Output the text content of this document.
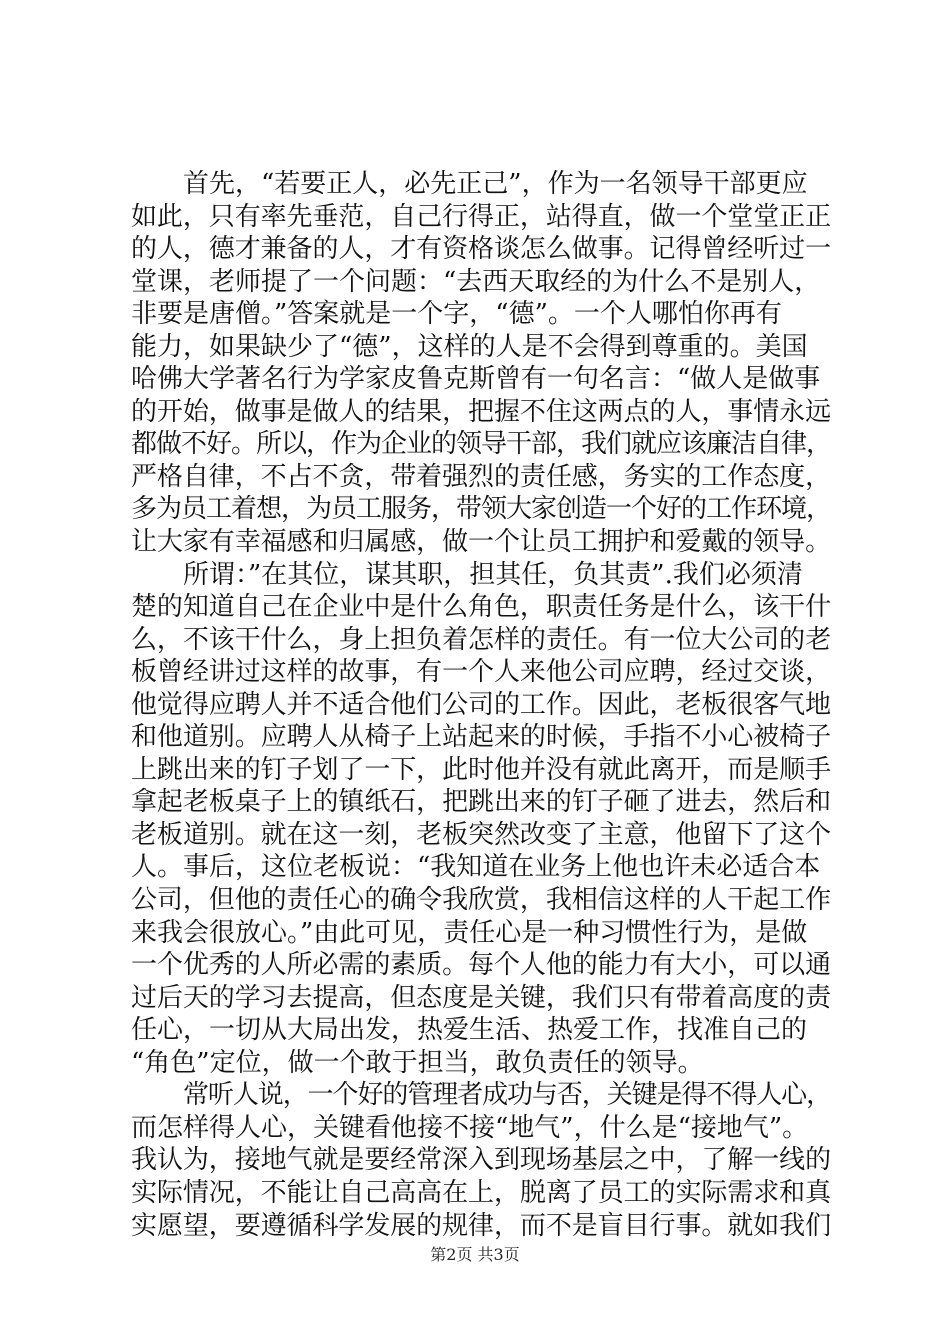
首先，“若要正人，必先正己”，作为一名领导干部更应
如此，只有率先垂范，自己行得正，站得直，做一个堂堂正正
的人，德才兼备的人，才有资格谈怎么做事。记得曾经听过一
堂课，老师提了一个问题：“去西天取经的为什么不是别人，
非要是唐僧。”答案就是一个字，“德”。一个人哪怕你再有
能力，如果缺少了“德”，这样的人是不会得到尊重的。美国
哈佛大学著名行为学家皮鲁克斯曾有一句名言：“做人是做事
的开始，做事是做人的结果，把握不住这两点的人，事情永远
都做不好。所以，作为企业的领导干部，我们就应该廉洁自律，
严格自律，不占不贪，带着强烈的责任感，务实的工作态度，
多为员工着想，为员工服务，带领大家创造一个好的工作环境，
让大家有幸福感和归属感，做一个让员工拥护和爱戴的领导。
所谓：”在其位，谋其职，担其任，负其责”.我们必须清
楚的知道自己在企业中是什么角色，职责任务是什么，该干什
么，不该干什么，身上担负着怎样的责任。有一位大公司的老
板曾经讲过这样的故事，有一个人来他公司应聘，经过交谈，
他觉得应聘人并不适合他们公司的工作。因此，老板很客气地
和他道别。应聘人从椅子上站起来的时候，手指不小心被椅子
上跳出来的钉子划了一下，此时他并没有就此离开，而是顺手
拿起老板桌子上的镇纸石，把跳出来的钉子砸了进去，然后和
老板道别。就在这一刻，老板突然改变了主意，他留下了这个
人。事后，这位老板说：“我知道在业务上他也许未必适合本
公司，但他的责任心的确令我欣赏，我相信这样的人干起工作
来我会很放心。”由此可见，责任心是一种习惯性行为，是做
一个优秀的人所必需的素质。每个人他的能力有大小，可以通
过后天的学习去提高，但态度是关键，我们只有带着高度的责
任心，一切从大局出发，热爱生活、热爱工作，找准自己的
“角色”定位，做一个敢于担当，敢负责任的领导。
常听人说，一个好的管理者成功与否，关键是得不得人心，
而怎样得人心，关键看他接不接“地气”，什么是“接地气”。
我认为，接地气就是要经常深入到现场基层之中，了解一线的
实际情况，不能让自己高高在上，脱离了员工的实际需求和真
实愿望，要遵循科学发展的规律，而不是盲目行事。就如我们
第2页 共3页
